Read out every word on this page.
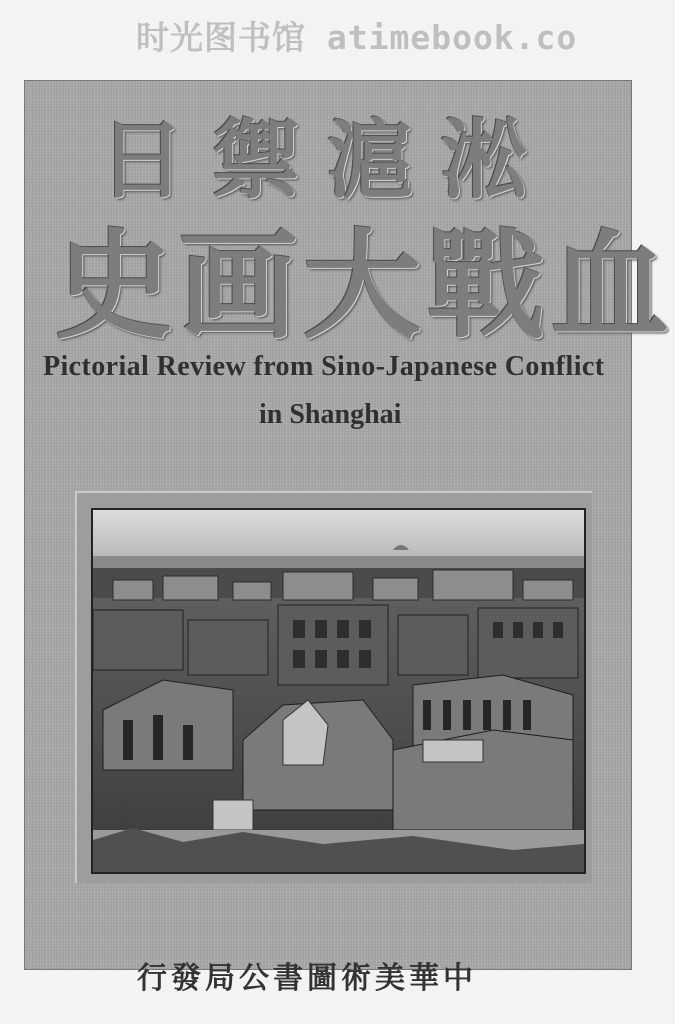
时光图书馆 atimebook.co
日禦滬淞
史画大戰血
Pictorial Review from Sino-Japanese Conflict
in Shanghai
行發局公書圖術美華中
